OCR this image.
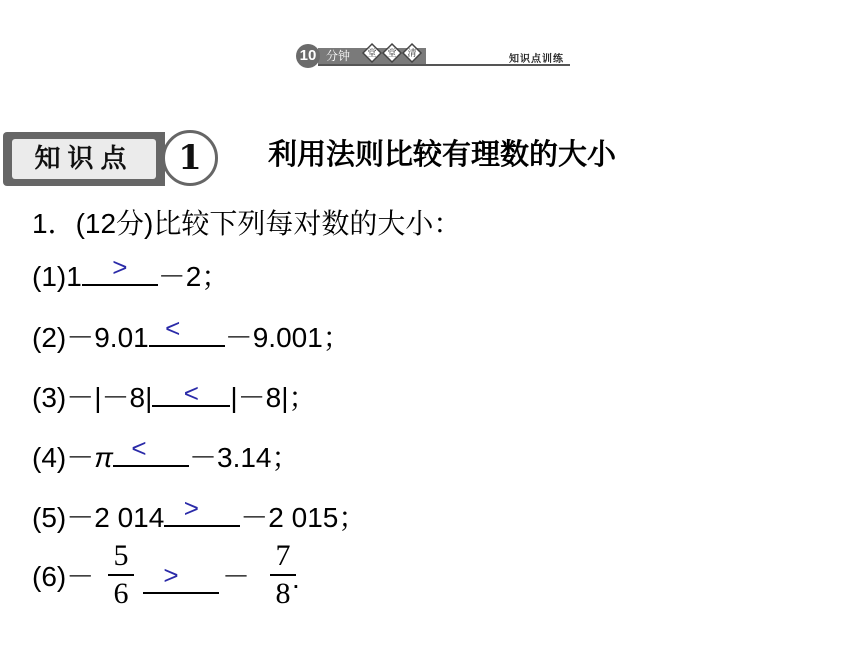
10 分钟 堂 堂 清	知识点训练
知识点	1	利用法则比较有理数的大小
1．(12分)比较下列每对数的大小：
(1)1	>	－2；
(2)－9.01 <	－9.001；
(3)－|－8|	<	|－8|；
(4)－π <	－3.14；
(5)－2 014 >	－2 015；
(6)－
5
6
>	－
7
8 .
